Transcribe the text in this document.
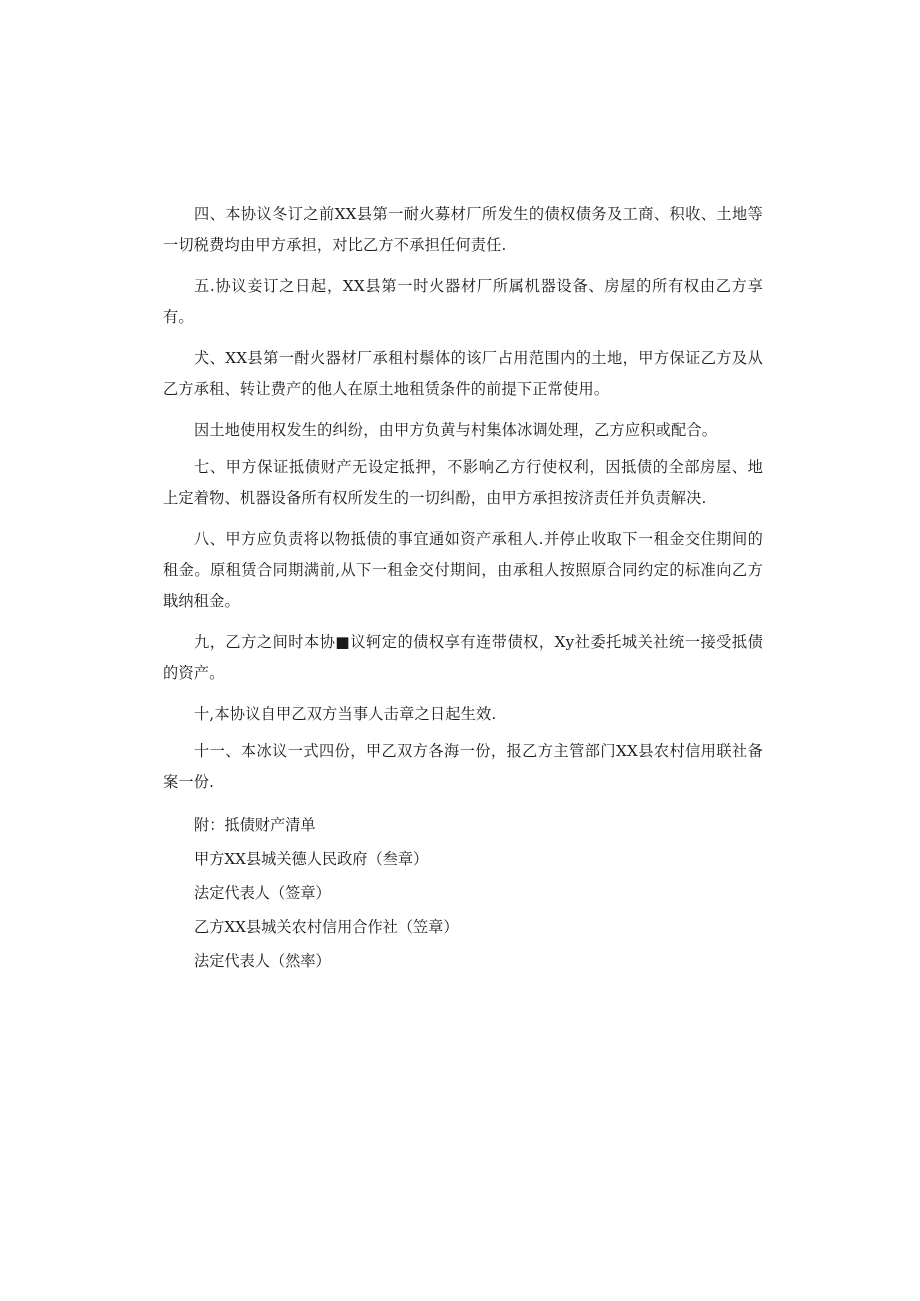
四、本协议冬订之前XX县第一耐火募材厂所发生的债权债务及工商、积收、土地等一切税费均由甲方承担，对比乙方不承担任何责任.

五.协议妾订之日起，XX县第一时火器材厂所属机器设备、房屋的所有权由乙方享有。

犬、XX县第一酎火器材厂承租村鬃体的该厂占用范围内的土地，甲方保证乙方及从乙方承租、转让费产的他人在原土地租赁条件的前提下正常使用。

因土地使用权发生的纠纷，由甲方负黄与村集体冰调处理，乙方应积或配合。

七、甲方保证抵债财产无设定抵押，不影响乙方行使权利，因抵债的全部房屋、地上定着物、机器设备所有权所发生的一切纠酚，由甲方承担按济责任并负责解决.

八、甲方应负责将以物抵债的事宜通如资产承租人.并停止收取下一租金交住期间的租金。原租赁合同期满前,从下一租金交付期间，由承租人按照原合同约定的标准向乙方戢纳租金。

九，乙方之间时本协■议轲定的债权享有连带债权，Xy社委托城关社统一接受抵债的资产。

十,本协议自甲乙双方当事人击章之日起生效.

十一、本冰议一式四份，甲乙双方各海一份，报乙方主管部门XX县农村信用联社备案一份.

附：抵债财产清单

甲方XX县城关德人民政府（叁章）

法定代表人（签章）

乙方XX县城关农村信用合作社（笠章）

法定代表人（然率）
